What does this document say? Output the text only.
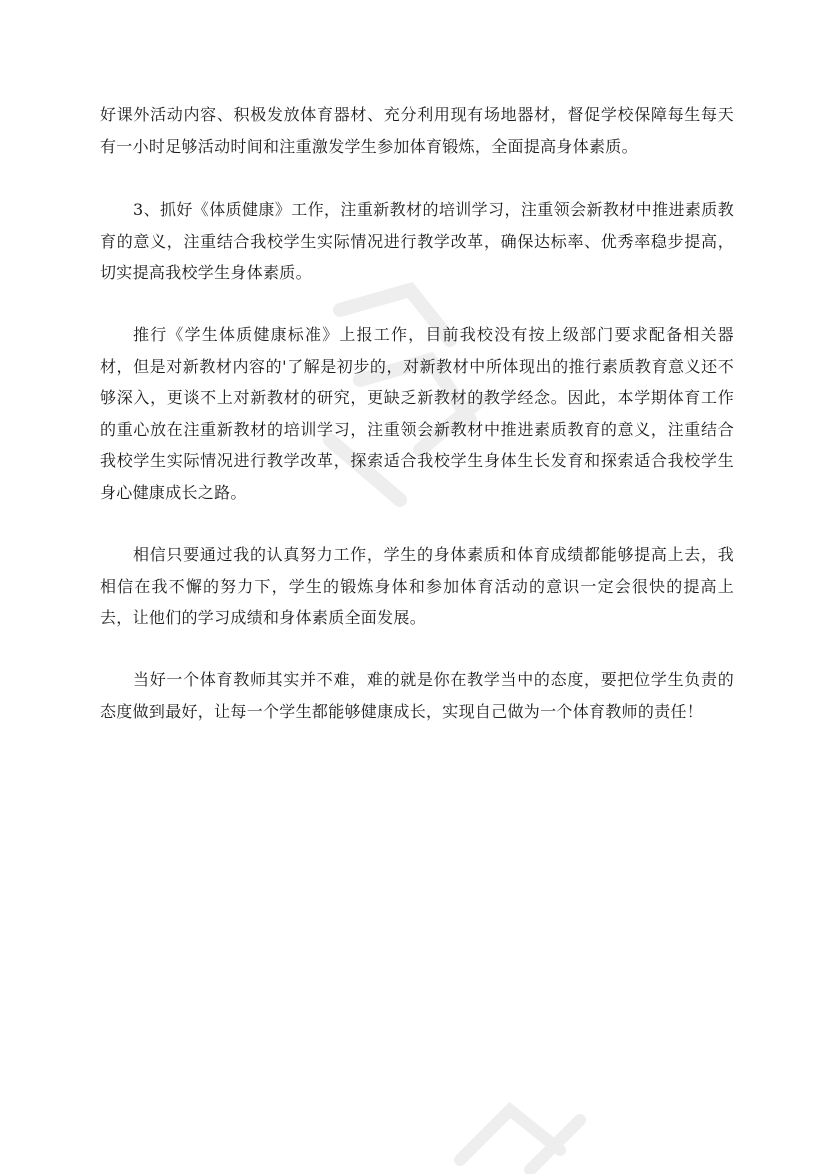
好课外活动内容、积极发放体育器材、充分利用现有场地器材，督促学校保障每生每天有一小时足够活动时间和注重激发学生参加体育锻炼，全面提高身体素质。

3、抓好《体质健康》工作，注重新教材的培训学习，注重领会新教材中推进素质教育的意义，注重结合我校学生实际情况进行教学改革，确保达标率、优秀率稳步提高，切实提高我校学生身体素质。

推行《学生体质健康标准》上报工作，目前我校没有按上级部门要求配备相关器材，但是对新教材内容的'了解是初步的，对新教材中所体现出的推行素质教育意义还不够深入，更谈不上对新教材的研究，更缺乏新教材的教学经念。因此，本学期体育工作的重心放在注重新教材的培训学习，注重领会新教材中推进素质教育的意义，注重结合我校学生实际情况进行教学改革，探索适合我校学生身体生长发育和探索适合我校学生身心健康成长之路。

相信只要通过我的认真努力工作，学生的身体素质和体育成绩都能够提高上去，我相信在我不懈的努力下，学生的锻炼身体和参加体育活动的意识一定会很快的提高上去，让他们的学习成绩和身体素质全面发展。

当好一个体育教师其实并不难，难的就是你在教学当中的态度，要把位学生负责的态度做到最好，让每一个学生都能够健康成长，实现自己做为一个体育教师的责任！
